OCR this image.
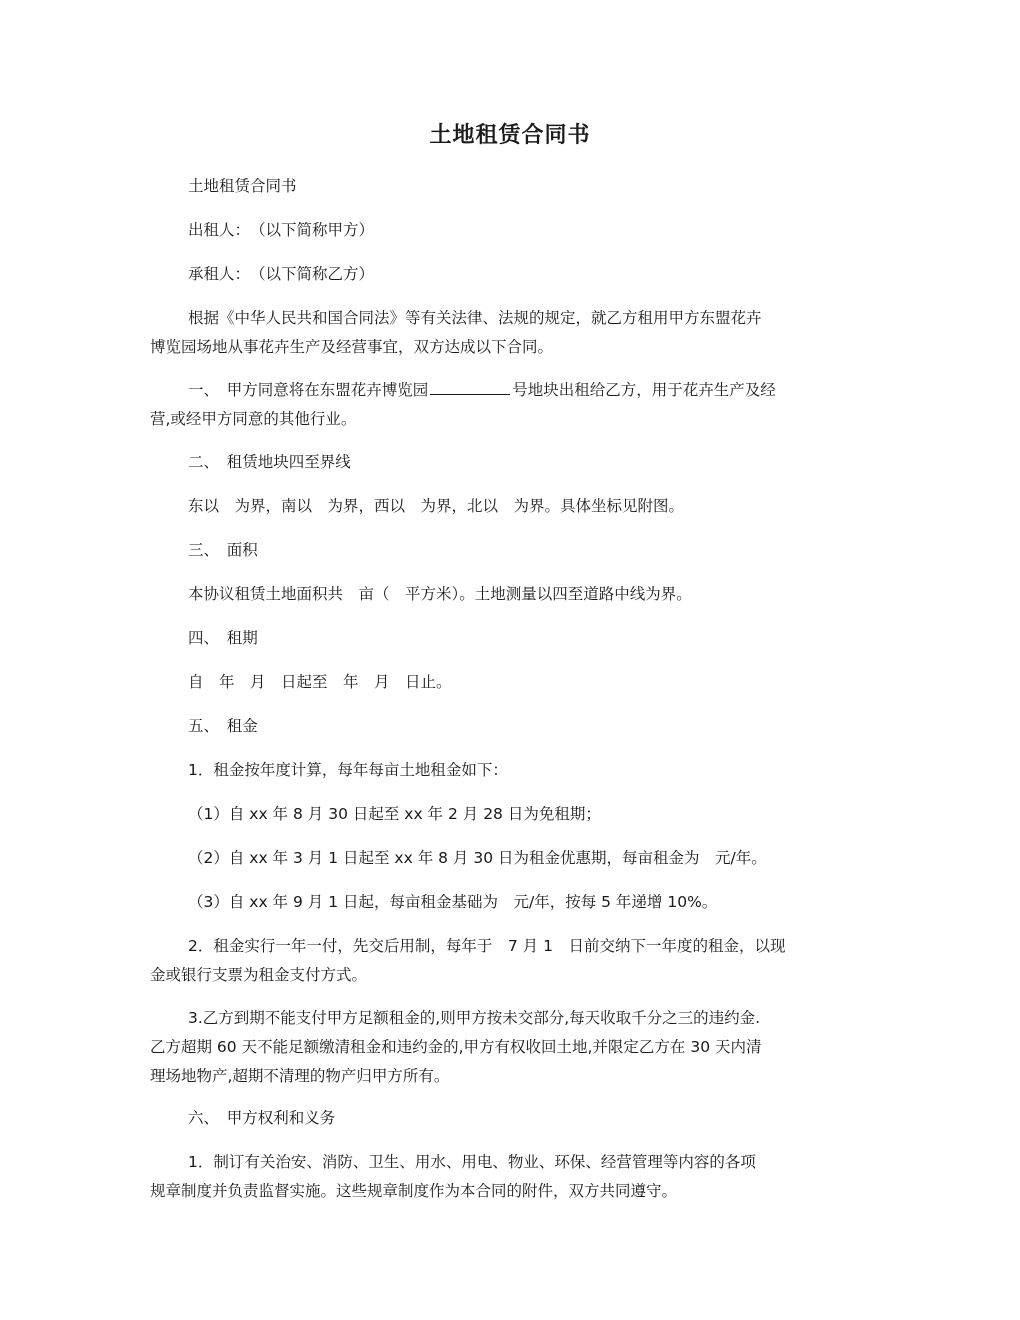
土地租赁合同书
土地租赁合同书
出租人：　（以下简称甲方）
承租人：　（以下简称乙方）
根据《中华人民共和国合同法》等有关法律、法规的规定，就乙方租用甲方东盟花卉
博览园场地从事花卉生产及经营事宜，双方达成以下合同。
一、　甲方同意将在东盟花卉博览园	号地块出租给乙方，用于花卉生产及经
营,或经甲方同意的其他行业。
二、　租赁地块四至界线
东以　为界，南以　为界，西以　为界，北以　为界。具体坐标见附图。
三、　面积
本协议租赁土地面积共　亩（　平方米）。土地测量以四至道路中线为界。
四、　租期
自　年　月　日起至　年　月　日止。
五、　租金
1．租金按年度计算，每年每亩土地租金如下：
（1）自 xx 年 8 月 30 日起至 xx 年 2 月 28 日为免租期；
（2）自 xx 年 3 月 1 日起至 xx 年 8 月 30 日为租金优惠期，每亩租金为　元/年。
（3）自 xx 年 9 月 1 日起，每亩租金基础为　元/年，按每 5 年递增 10%。
2．租金实行一年一付，先交后用制，每年于　7 月 1　日前交纳下一年度的租金，以现
金或银行支票为租金支付方式。
3.乙方到期不能支付甲方足额租金的,则甲方按未交部分,每天收取千分之三的违约金.
乙方超期 60 天不能足额缴清租金和违约金的,甲方有权收回土地,并限定乙方在 30 天内清
理场地物产,超期不清理的物产归甲方所有。
六、　甲方权利和义务
1．制订有关治安、消防、卫生、用水、用电、物业、环保、经营管理等内容的各项
规章制度并负责监督实施。这些规章制度作为本合同的附件，双方共同遵守。
